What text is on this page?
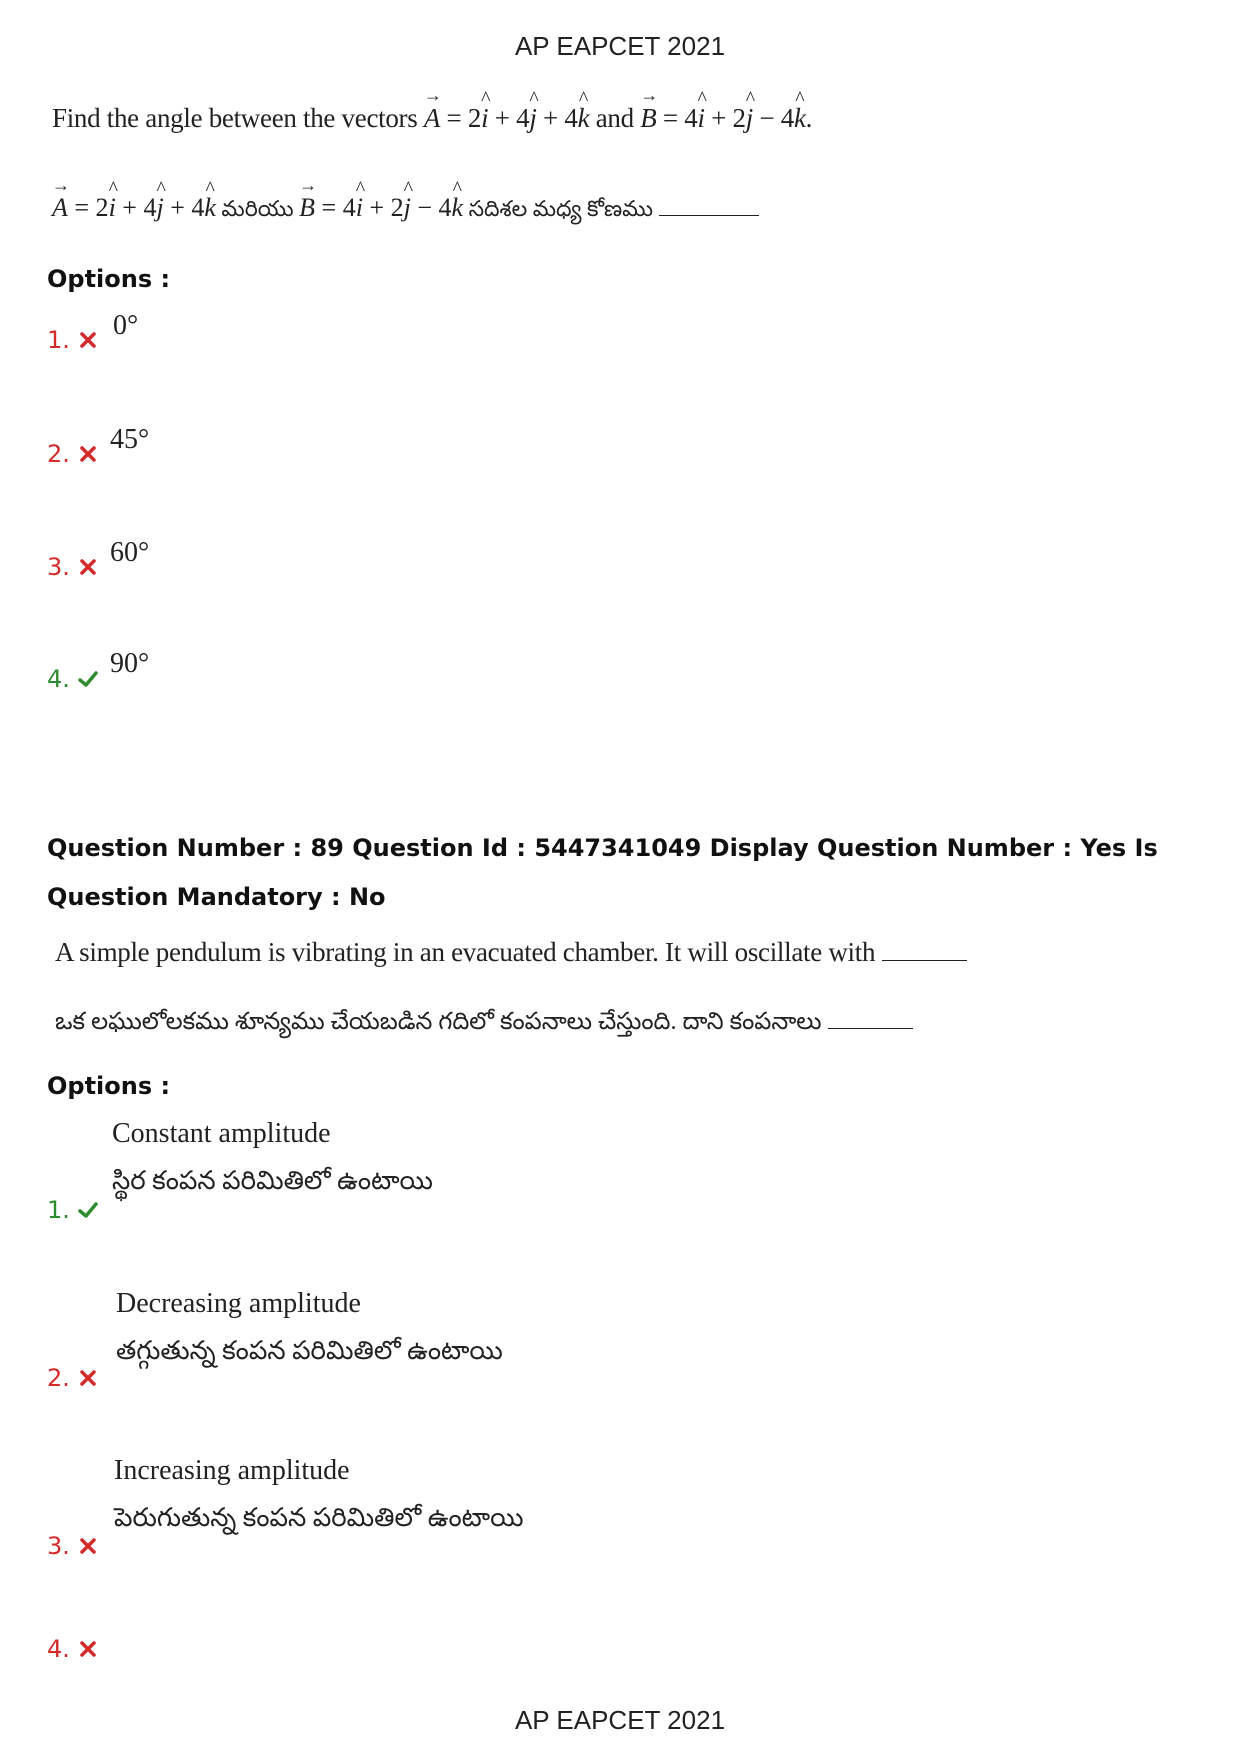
AP EAPCET 2021
Find the angle between the vectors → A = 2^ i + 4^ j + 4^ k and → B = 4^ i + 2^ j − 4^ k.
→ A = 2^ i + 4^ j + 4^ k మరియు → B = 4^ i + 2^ j − 4^ k సదిశల మధ్య కోణము
Options :
1.	0°
2.	45°
3.	60°
4.	90°
Question Number : 89 Question Id : 5447341049 Display Question Number : Yes Is Question Mandatory : No
A simple pendulum is vibrating in an evacuated chamber. It will oscillate with
ఒక లఘులోలకము శూన్యము చేయబడిన గదిలో కంపనాలు చేస్తుంది. దాని కంపనాలు
Options :
Constant amplitude
స్థిర కంపన పరిమితిలో ఉంటాయి
1.
Decreasing amplitude
తగ్గుతున్న కంపన పరిమితిలో ఉంటాయి
2.
Increasing amplitude
పెరుగుతున్న కంపన పరిమితిలో ఉంటాయి
3.
4.
AP EAPCET 2021
